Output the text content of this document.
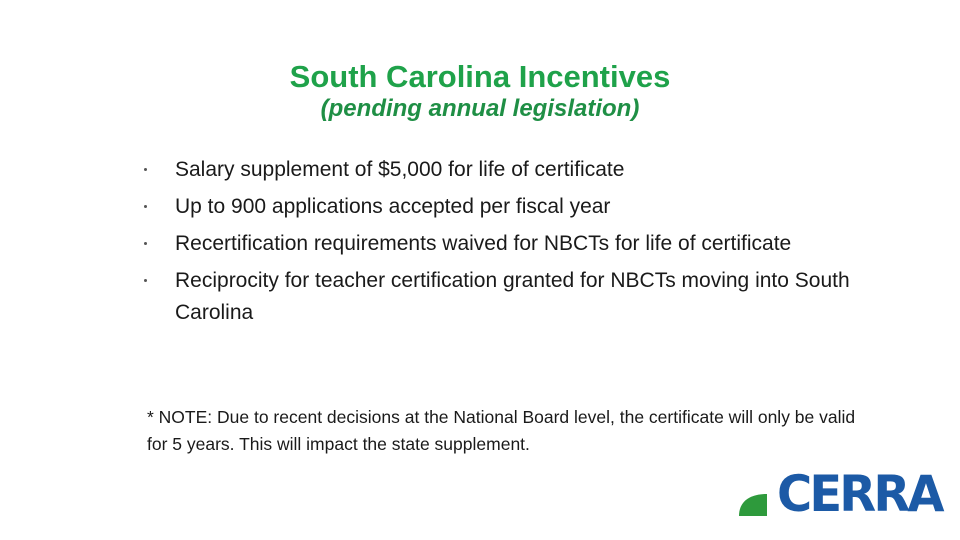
South Carolina Incentives
(pending annual legislation)
Salary supplement of $5,000 for life of certificate
Up to 900 applications accepted per fiscal year
Recertification requirements waived for NBCTs for life of certificate
Reciprocity for teacher certification granted for NBCTs moving into South Carolina
* NOTE: Due to recent decisions at the National Board level, the certificate will only be valid for 5 years. This will impact the state supplement.
CERRA
